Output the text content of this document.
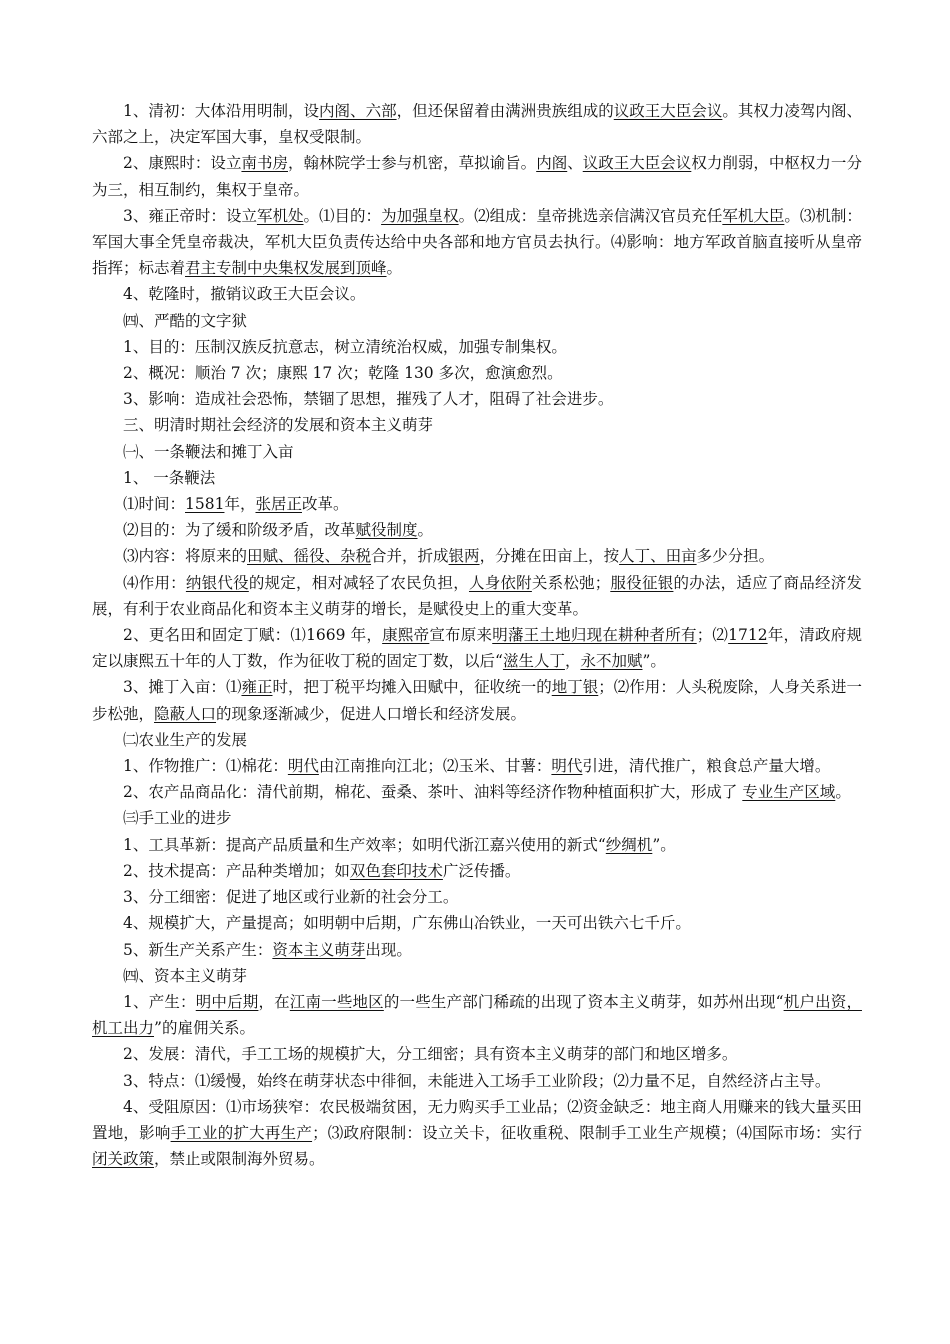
1、清初：大体沿用明制，设内阁、六部，但还保留着由满洲贵族组成的议政王大臣会议。其权力凌驾内阁、六部之上，决定军国大事，皇权受限制。

2、康熙时：设立南书房，翰林院学士参与机密，草拟谕旨。内阁、议政王大臣会议权力削弱，中枢权力一分为三，相互制约，集权于皇帝。

3、雍正帝时：设立军机处。⑴目的：为加强皇权。⑵组成：皇帝挑选亲信满汉官员充任军机大臣。⑶机制：军国大事全凭皇帝裁决，军机大臣负责传达给中央各部和地方官员去执行。⑷影响：地方军政首脑直接听从皇帝指挥；标志着君主专制中央集权发展到顶峰。

4、乾隆时，撤销议政王大臣会议。

㈣、严酷的文字狱

1、目的：压制汉族反抗意志，树立清统治权威，加强专制集权。

2、概况：顺治 7 次；康熙 17 次；乾隆 130 多次，愈演愈烈。

3、影响：造成社会恐怖，禁锢了思想，摧残了人才，阻碍了社会进步。

三、明清时期社会经济的发展和资本主义萌芽

㈠、一条鞭法和摊丁入亩

1、 一条鞭法

⑴时间：1581年，张居正改革。

⑵目的：为了缓和阶级矛盾，改革赋役制度。

⑶内容：将原来的田赋、徭役、杂税合并，折成银两，分摊在田亩上，按人丁、田亩多少分担。

⑷作用：纳银代役的规定，相对减轻了农民负担，人身依附关系松弛；服役征银的办法，适应了商品经济发展，有利于农业商品化和资本主义萌芽的增长，是赋役史上的重大变革。

2、更名田和固定丁赋：⑴1669 年，康熙帝宣布原来明藩王土地归现在耕种者所有；⑵1712年，清政府规定以康熙五十年的人丁数，作为征收丁税的固定丁数，以后“滋生人丁，永不加赋”。

3、摊丁入亩：⑴雍正时，把丁税平均摊入田赋中，征收统一的地丁银；⑵作用：人头税废除，人身关系进一步松弛，隐蔽人口的现象逐渐减少，促进人口增长和经济发展。

㈡农业生产的发展

1、作物推广：⑴棉花：明代由江南推向江北；⑵玉米、甘薯：明代引进，清代推广，粮食总产量大增。

2、农产品商品化：清代前期，棉花、蚕桑、茶叶、油料等经济作物种植面积扩大，形成了 专业生产区域。

㈢手工业的进步

1、工具革新：提高产品质量和生产效率；如明代浙江嘉兴使用的新式“纱绸机”。

2、技术提高：产品种类增加；如双色套印技术广泛传播。

3、分工细密：促进了地区或行业新的社会分工。

4、规模扩大，产量提高；如明朝中后期，广东佛山冶铁业，一天可出铁六七千斤。

5、新生产关系产生：资本主义萌芽出现。

㈣、资本主义萌芽

1、产生：明中后期，在江南一些地区的一些生产部门稀疏的出现了资本主义萌芽，如苏州出现“机户出资，机工出力”的雇佣关系。

2、发展：清代，手工工场的规模扩大，分工细密；具有资本主义萌芽的部门和地区增多。

3、特点：⑴缓慢，始终在萌芽状态中徘徊，未能进入工场手工业阶段；⑵力量不足，自然经济占主导。

4、受阻原因：⑴市场狭窄：农民极端贫困，无力购买手工业品；⑵资金缺乏：地主商人用赚来的钱大量买田置地，影响手工业的扩大再生产；⑶政府限制：设立关卡，征收重税、限制手工业生产规模；⑷国际市场：实行闭关政策，禁止或限制海外贸易。
